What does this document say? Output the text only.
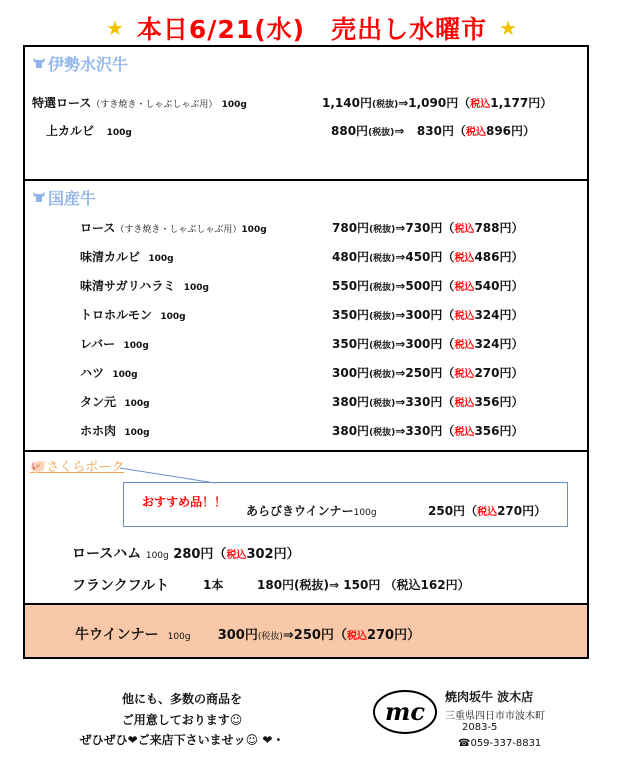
★ 本日6/21(水)　売出し水曜市 ★
伊勢水沢牛
特選ロース（すき焼き・しゃぶしゃぶ用） 100g	1,140円(税抜)⇒1,090円（税込1,177円）
上カルビ 100g	880円(税抜)⇒ 830円（税込896円）
国産牛
ロース（すき焼き・しゃぶしゃぶ用）100g	780円(税抜)⇒730円（税込788円）
味清カルビ 100g	480円(税抜)⇒450円（税込486円）
味清サガリハラミ 100g	550円(税抜)⇒500円（税込540円）
トロホルモン 100g	350円(税抜)⇒300円（税込324円）
レバー 100g	350円(税抜)⇒300円（税込324円）
ハツ 100g	300円(税抜)⇒250円（税込270円）
タン元 100g	380円(税抜)⇒330円（税込356円）
ホホ肉 100g	380円(税抜)⇒330円（税込356円）
🐖さくらポーク
おすすめ品！！
あらびきウインナー100g	250円（税込270円）
ロースハム 100g 280円（税込302円）
フランクフルト	1本	180円(税抜)⇒ 150円 （税込162円）
牛ウインナー 100g 300円(税抜)⇒250円（税込270円）
他にも、多数の商品を
ご用意しております☺
ぜひぜひ❤ご来店下さいませッ☺ ❤・
mc 焼肉坂牛 波木店
三重県四日市市波木町
2083-5
☎059-337-8831
